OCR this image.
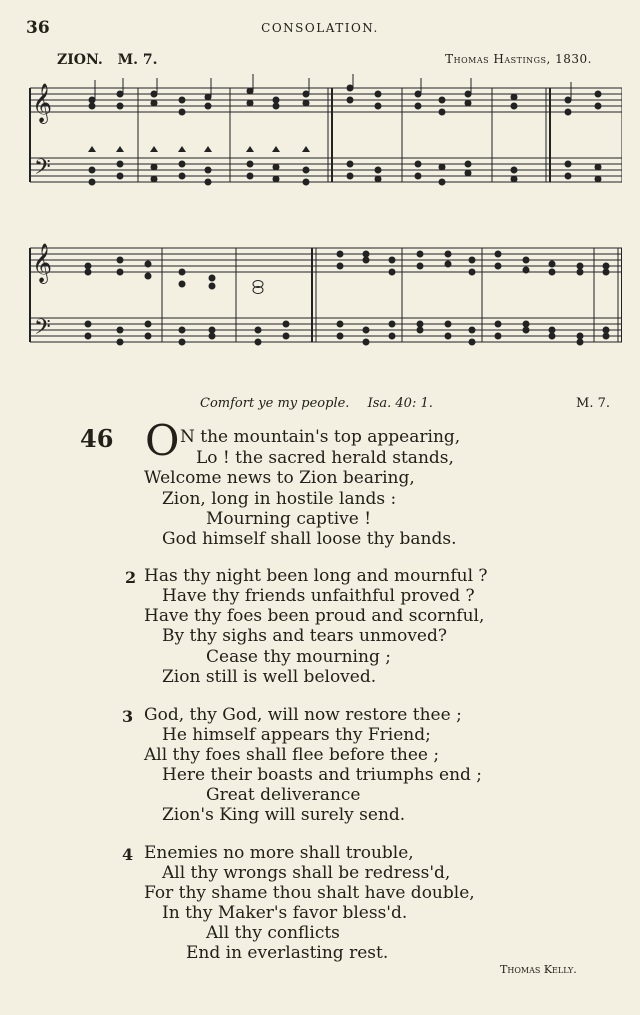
36	CONSOLATION.
ZION. M. 7.	Thomas Hastings, 1830.
𝄞
𝄢
𝄞
𝄢
Comfort ye my people. Isa. 40: 1.	M. 7.
46 O N the mountain's top appearing,
Lo ! the sacred herald stands,
Welcome news to Zion bearing,
Zion, long in hostile lands :
Mourning captive !
God himself shall loose thy bands.
2 Has thy night been long and mournful ?
Have thy friends unfaithful proved ?
Have thy foes been proud and scornful,
By thy sighs and tears unmoved?
Cease thy mourning ;
Zion still is well beloved.
3 God, thy God, will now restore thee ;
He himself appears thy Friend;
All thy foes shall flee before thee ;
Here their boasts and triumphs end ;
Great deliverance
Zion's King will surely send.
4 Enemies no more shall trouble,
All thy wrongs shall be redress'd,
For thy shame thou shalt have double,
In thy Maker's favor bless'd.
All thy conflicts
End in everlasting rest.
Thomas Kelly.
